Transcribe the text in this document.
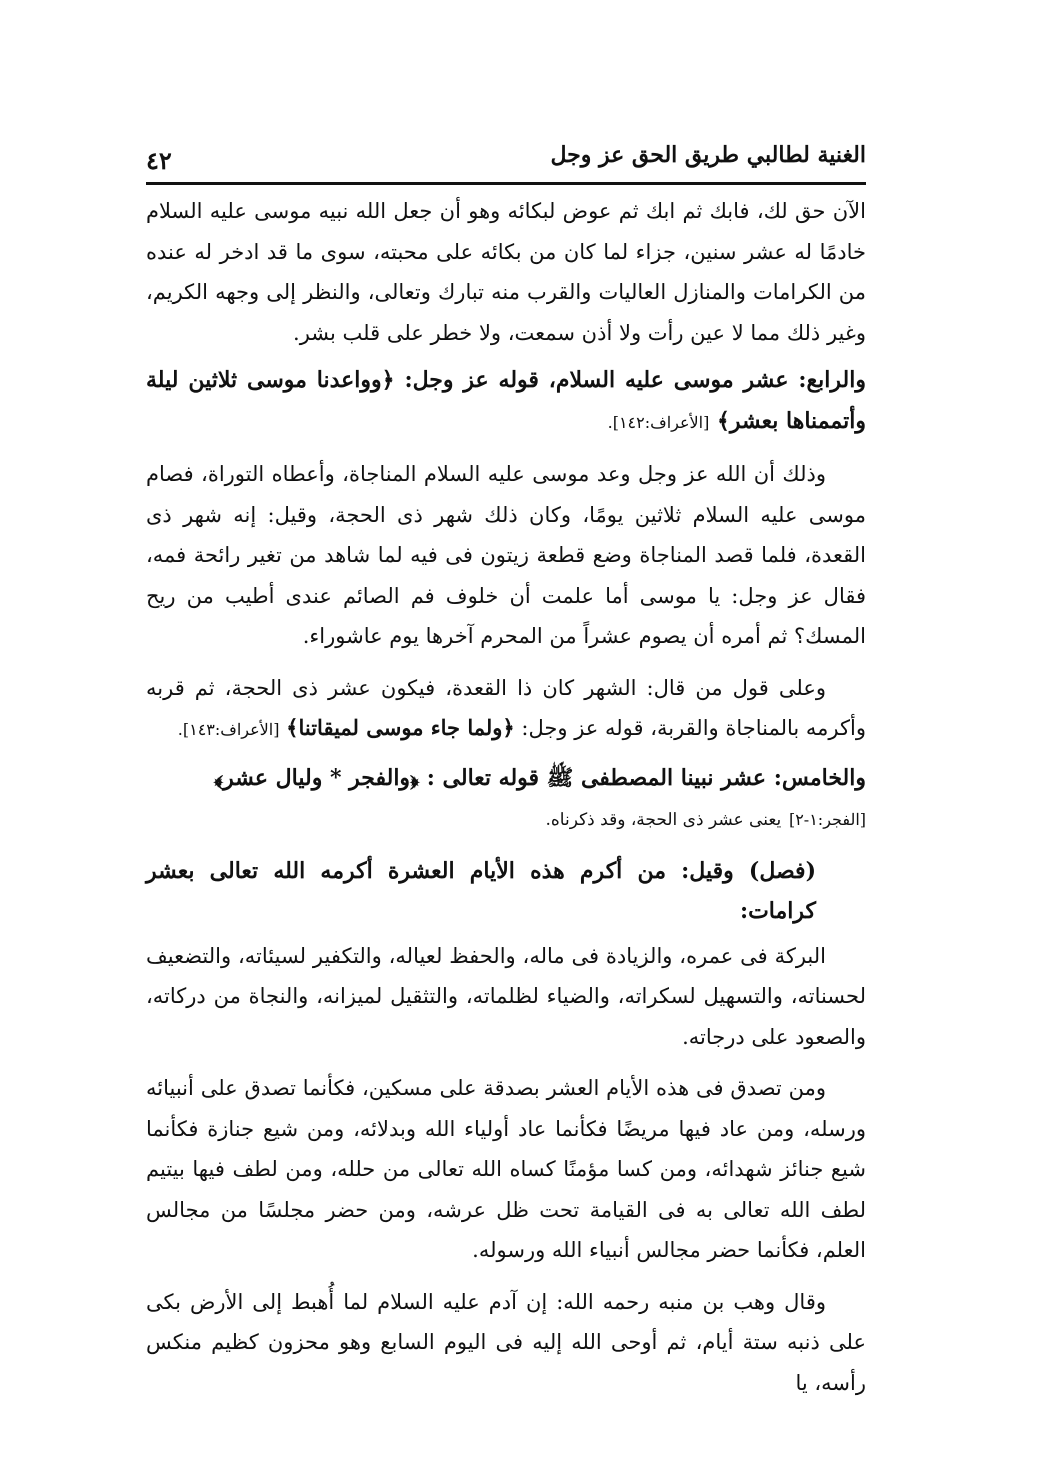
الغنية لطالبي طريق الحق عز وجل
٤٢

الآن حق لك، فابك ثم ابك ثم عوض لبكائه وهو أن جعل الله نبيه موسى عليه السلام خادمًا له عشر سنين، جزاء لما كان من بكائه على محبته، سوى ما قد ادخر له عنده من الكرامات والمنازل العاليات والقرب منه تبارك وتعالى، والنظر إلى وجهه الكريم، وغير ذلك مما لا عين رأت ولا أذن سمعت، ولا خطر على قلب بشر.

والرابع: عشر موسى عليه السلام، قوله عز وجل: ﴿وواعدنا موسى ثلاثين ليلة وأتممناها بعشر﴾ [الأعراف:١٤٢].

وذلك أن الله عز وجل وعد موسى عليه السلام المناجاة، وأعطاه التوراة، فصام موسى عليه السلام ثلاثين يومًا، وكان ذلك شهر ذى الحجة، وقيل: إنه شهر ذى القعدة، فلما قصد المناجاة وضع قطعة زيتون فى فيه لما شاهد من تغير رائحة فمه، فقال عز وجل: يا موسى أما علمت أن خلوف فم الصائم عندى أطيب من ريح المسك؟ ثم أمره أن يصوم عشراً من المحرم آخرها يوم عاشوراء.

وعلى قول من قال: الشهر كان ذا القعدة، فيكون عشر ذى الحجة، ثم قربه وأكرمه بالمناجاة والقربة، قوله عز وجل: ﴿ولما جاء موسى لميقاتنا﴾ [الأعراف:١٤٣].

والخامس: عشر نبينا المصطفى ﷺ قوله تعالى : ﴿والفجر * وليال عشر﴾
[الفجر:١-٢] يعنى عشر ذى الحجة، وقد ذكرناه.

(فصل) وقيل: من أكرم هذه الأيام العشرة أكرمه الله تعالى بعشر كرامات:

البركة فى عمره، والزيادة فى ماله، والحفظ لعياله، والتكفير لسيئاته، والتضعيف لحسناته، والتسهيل لسكراته، والضياء لظلماته، والتثقيل لميزانه، والنجاة من دركاته، والصعود على درجاته.

ومن تصدق فى هذه الأيام العشر بصدقة على مسكين، فكأنما تصدق على أنبيائه ورسله، ومن عاد فيها مريضًا فكأنما عاد أولياء الله وبدلائه، ومن شيع جنازة فكأنما شيع جنائز شهدائه، ومن كسا مؤمنًا كساه الله تعالى من حلله، ومن لطف فيها بيتيم لطف الله تعالى به فى القيامة تحت ظل عرشه، ومن حضر مجلسًا من مجالس العلم، فكأنما حضر مجالس أنبياء الله ورسوله.

وقال وهب بن منبه رحمه الله: إن آدم عليه السلام لما أُهبط إلى الأرض بكى على ذنبه ستة أيام، ثم أوحى الله إليه فى اليوم السابع وهو محزون كظيم منكس رأسه، يا
